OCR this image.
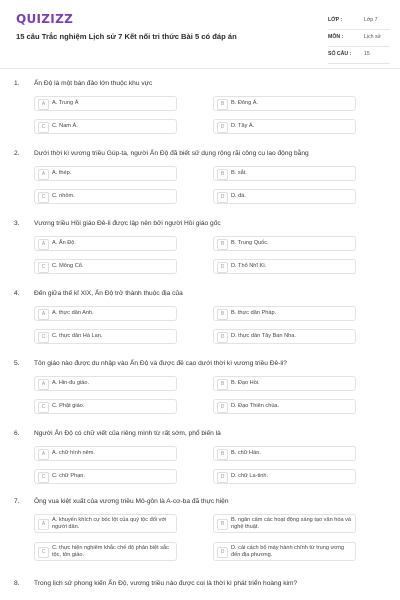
QUIZIZZ
15 câu Trắc nghiệm Lịch sử 7 Kết nối tri thức Bài 5 có đáp án
LỚP :	Lớp 7
MÔN :	Lịch sử
SỐ CÂU : 15
1. Ấn Độ là một bán đảo lớn thuộc khu vực
A	A. Trung Á	B	B. Đông Á.
C	C. Nam Á.	D	D. Tây Á.
2. Dưới thời kì vương triều Gúp-ta, người Ấn Độ đã biết sử dụng rộng rãi công cụ lao động bằng
A	A. thép.	B	B. sắt.
C	C. nhôm.	D	D. đá.
3. Vương triều Hồi giáo Đê-li được lập nên bởi người Hồi giáo gốc
A	A. Ấn Độ.	B	B. Trung Quốc.
C	C. Mông Cổ.	D	D. Thổ Nhĩ Kì.
4. Đến giữa thế kỉ XIX, Ấn Độ trở thành thuộc địa của
A	A. thực dân Anh.	B	B. thực dân Pháp.
C	C. thực dân Hà Lan.	D	D. thực dân Tây Ban Nha.
5. Tôn giáo nào được du nhập vào Ấn Độ và được đề cao dưới thời kì vương triều Đê-li?
A	A. Hin-đu giáo.	B	B. Đạo Hồi.
C	C. Phật giáo.	D	D. Đạo Thiên chúa.
6. Người Ấn Độ có chữ viết của riêng mình từ rất sớm, phổ biến là
A	A. chữ hình nêm.	B	B. chữ Hán.
C	C. chữ Phạn.	D	D. chữ La-tinh.
7. Ông vua kiệt xuất của vương triều Mô-gôn là A-cơ-ba đã thực hiện
A
A. khuyến khích cự bóc lột của quý tộc đối với người dân.	B
B. ngăn cấm các hoạt động sáng tạo văn hóa và nghệ thuật.
C
C. thực hiện nghiêm khắc chế độ phân biệt sắc tộc, tôn giáo.	D
D. cải cách bộ máy hành chính từ trung ương đến địa phương.
8. Trong lịch sử phong kiến Ấn Độ, vương triều nào được coi là thời kì phát triển hoàng kim?
